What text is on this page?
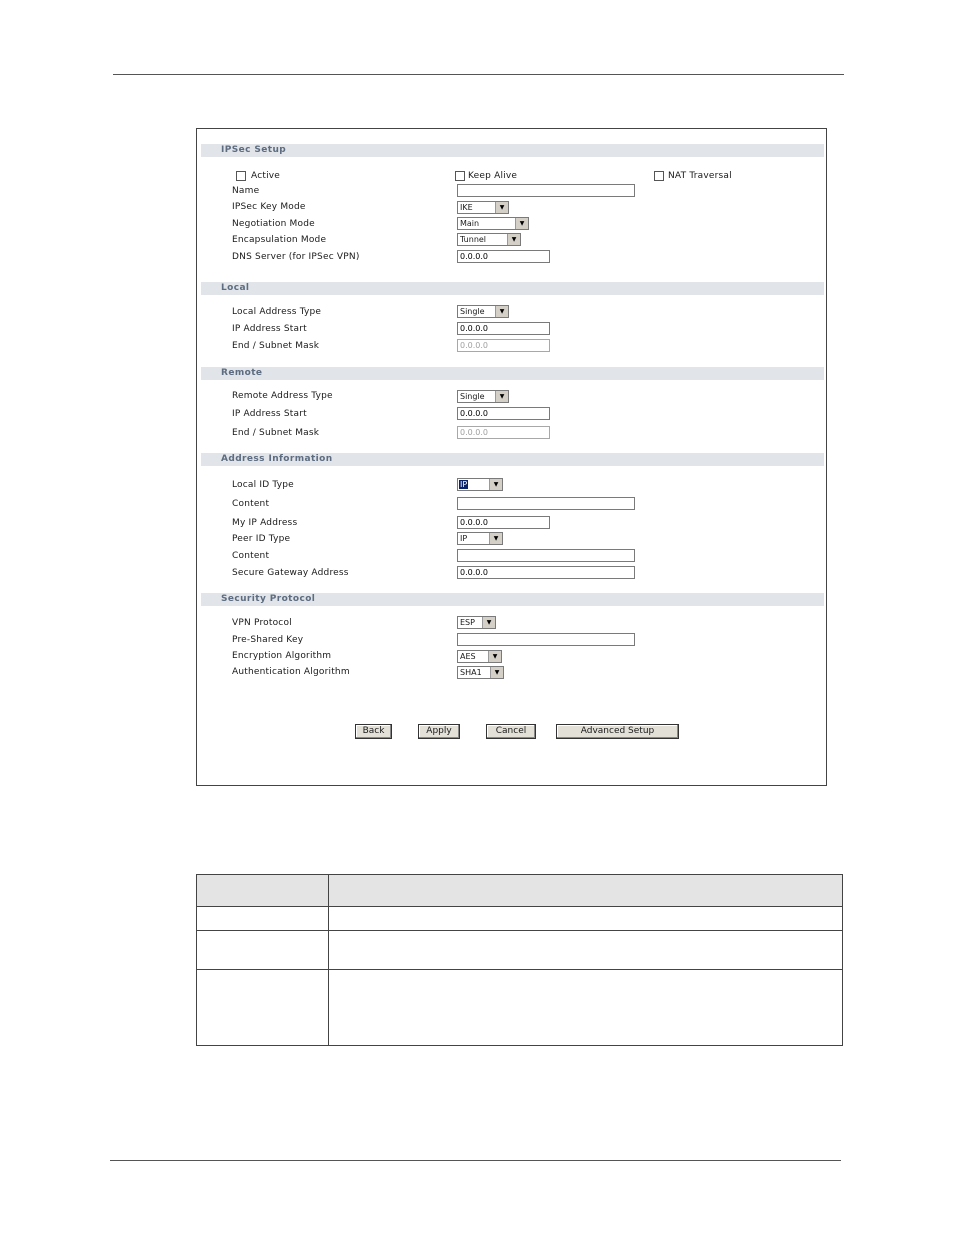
IPSec Setup
Active	Keep Alive	NAT Traversal
Name
IPSec Key Mode	IKE	▼
Negotiation Mode	Main	▼
Encapsulation Mode	Tunnel	▼
DNS Server (for IPSec VPN)	0.0.0.0
Local
Local Address Type	Single	▼
IP Address Start	0.0.0.0
End / Subnet Mask	0.0.0.0
Remote
Remote Address Type	Single	▼
IP Address Start	0.0.0.0
End / Subnet Mask	0.0.0.0
Address Information
Local ID Type	IP	▼
Content
My IP Address	0.0.0.0
Peer ID Type	IP	▼
Content
Secure Gateway Address	0.0.0.0
Security Protocol
VPN Protocol	ESP	▼
Pre-Shared Key
Encryption Algorithm	AES	▼
Authentication Algorithm	SHA1	▼
Back	Apply	Cancel	Advanced Setup
